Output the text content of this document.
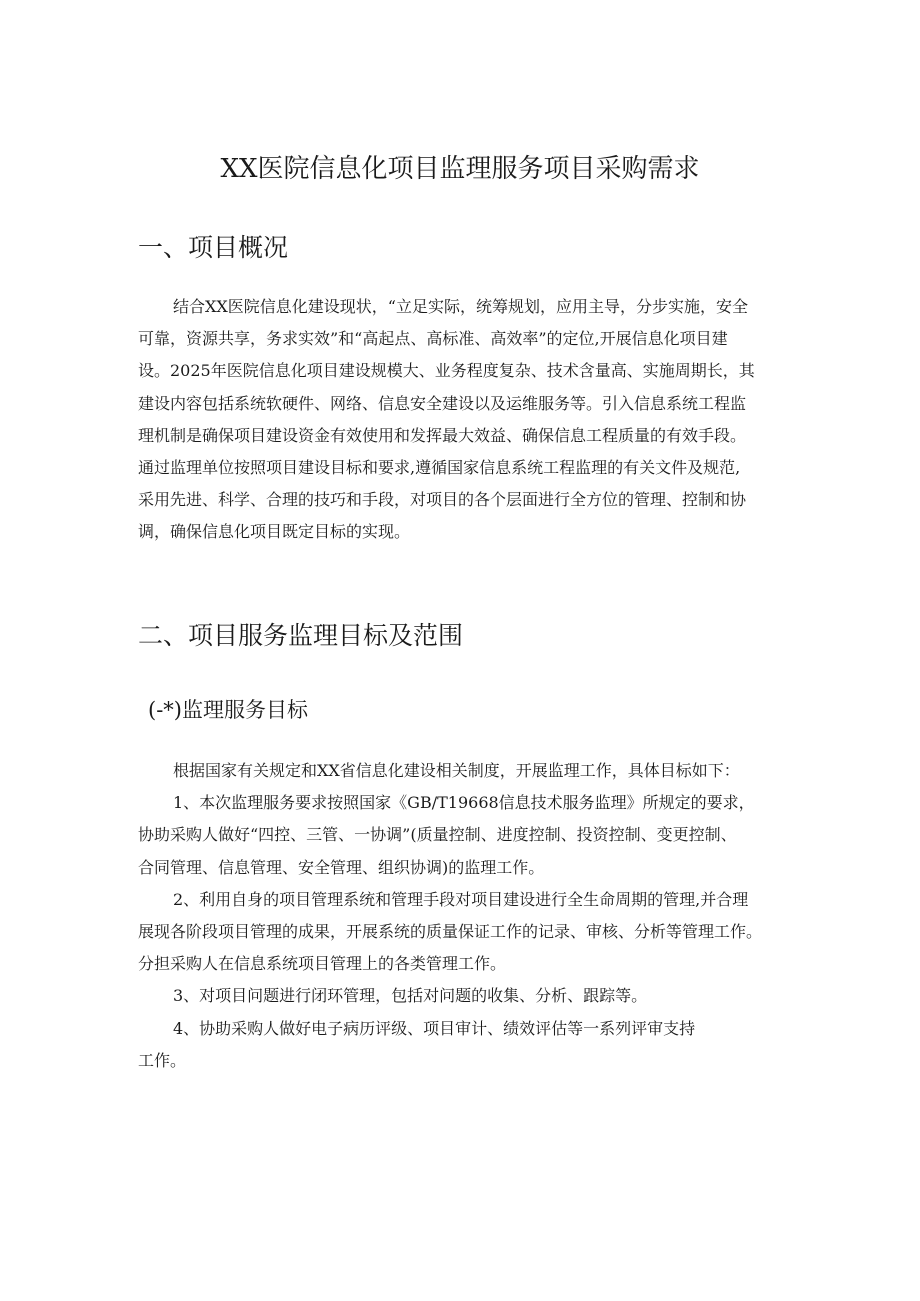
XX医院信息化项目监理服务项目采购需求
一、项目概况
结合XX医院信息化建设现状，“立足实际，统筹规划，应用主导，分步实施，安全
可靠，资源共享，务求实效”和“高起点、高标准、高效率”的定位,开展信息化项目建
设。2025年医院信息化项目建设规模大、业务程度复杂、技术含量高、实施周期长，其
建设内容包括系统软硬件、网络、信息安全建设以及运维服务等。引入信息系统工程监
理机制是确保项目建设资金有效使用和发挥最大效益、确保信息工程质量的有效手段。
通过监理单位按照项目建设目标和要求,遵循国家信息系统工程监理的有关文件及规范,
采用先进、科学、合理的技巧和手段，对项目的各个层面进行全方位的管理、控制和协
调，确保信息化项目既定目标的实现。
二、项目服务监理目标及范围
(-*)监理服务目标
根据国家有关规定和XX省信息化建设相关制度，开展监理工作，具体目标如下：
1、本次监理服务要求按照国家《GB/T19668信息技术服务监理》所规定的要求，
协助采购人做好“四控、三管、一协调”(质量控制、进度控制、投资控制、变更控制、
合同管理、信息管理、安全管理、组织协调)的监理工作。
2、利用自身的项目管理系统和管理手段对项目建设进行全生命周期的管理,并合理
展现各阶段项目管理的成果，开展系统的质量保证工作的记录、审核、分析等管理工作。
分担采购人在信息系统项目管理上的各类管理工作。
3、对项目问题进行闭环管理，包括对问题的收集、分析、跟踪等。
4、协助采购人做好电子病历评级、项目审计、绩效评估等一系列评审支持
工作。
